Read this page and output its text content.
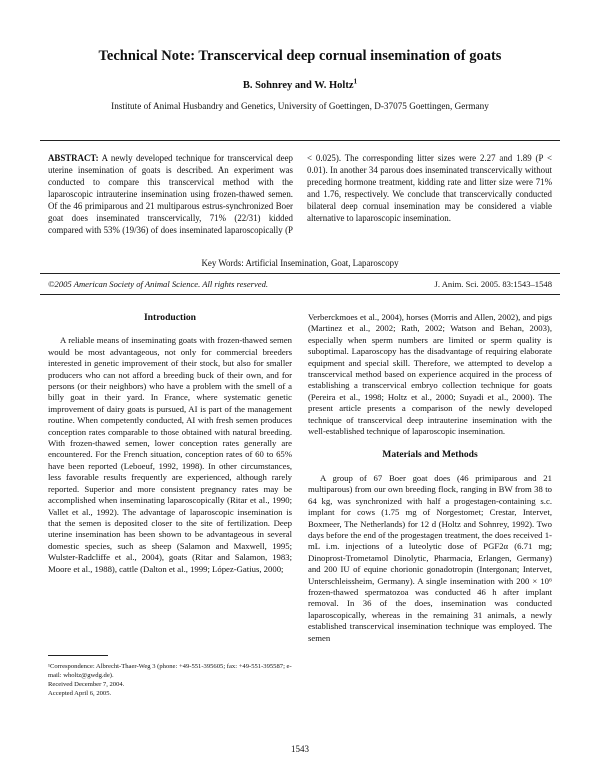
Technical Note: Transcervical deep cornual insemination of goats
B. Sohnrey and W. Holtz$^1$
Institute of Animal Husbandry and Genetics, University of Goettingen, D-37075 Goettingen, Germany
ABSTRACT: A newly developed technique for transcervical deep uterine insemination of goats is described. An experiment was conducted to compare this transcervical method with the laparoscopic intrauterine insemination using frozen-thawed semen. Of the 46 primiparous and 21 multiparous estrus-synchronized Boer goat does inseminated transcervically, 71% (22/31) kidded compared with 53% (19/36) of does inseminated laparoscopically (P < 0.025). The corresponding litter sizes were 2.27 and 1.89 (P < 0.01). In another 34 parous does inseminated transcervically without preceding hormone treatment, kidding rate and litter size were 71% and 1.76, respectively. We conclude that transcervically conducted bilateral deep cornual insemination may be considered a viable alternative to laparoscopic insemination.
Key Words: Artificial Insemination, Goat, Laparoscopy
©2005 American Society of Animal Science. All rights reserved.	J. Anim. Sci. 2005. 83:1543–1548
Introduction

A reliable means of inseminating goats with frozen-thawed semen would be most advantageous, not only for commercial breeders interested in genetic improvement of their stock, but also for smaller producers who can not afford a breeding buck of their own, and for persons (or their neighbors) who have a problem with the smell of a billy goat in their yard. In France, where systematic genetic improvement of dairy goats is pursued, AI is part of the management routine. When competently conducted, AI with fresh semen produces conception rates comparable to those obtained with natural breeding. With frozen-thawed semen, lower conception rates generally are encountered. For the French situation, conception rates of 60 to 65% have been reported (Leboeuf, 1992, 1998). In other circumstances, less favorable results frequently are experienced, although rarely reported. Superior and more consistent pregnancy rates may be accomplished when inseminating laparoscopically (Ritar et al., 1990; Vallet et al., 1992). The advantage of laparoscopic insemination is that the semen is deposited closer to the site of fertilization. Deep uterine insemination has been shown to be advantageous in several domestic species, such as sheep (Salamon and Maxwell, 1995; Wulster-Radcliffe et al., 2004), goats (Ritar and Salamon, 1983; Moore et al., 1988), cattle (Dalton et al., 1999; López-Gatius, 2000;

Verberckmoes et al., 2004), horses (Morris and Allen, 2002), and pigs (Martinez et al., 2002; Rath, 2002; Watson and Behan, 2003), especially when sperm numbers are limited or sperm quality is suboptimal. Laparoscopy has the disadvantage of requiring elaborate equipment and special skill. Therefore, we attempted to develop a transcervical method based on experience acquired in the process of establishing a transcervical embryo collection technique for goats (Pereira et al., 1998; Holtz et al., 2000; Suyadi et al., 2000). The present article presents a comparison of the newly developed technique of transcervical deep intrauterine insemination with the well-established technique of laparoscopic insemination.

Materials and Methods

A group of 67 Boer goat does (46 primiparous and 21 multiparous) from our own breeding flock, ranging in BW from 38 to 64 kg, was synchronized with half a progestagen-containing s.c. implant for cows (1.75 mg of Norgestomet; Crestar, Intervet, Boxmeer, The Netherlands) for 12 d (Holtz and Sohnrey, 1992). Two days before the end of the progestagen treatment, the does received 1-mL i.m. injections of a luteolytic dose of PGF2α (6.71 mg; Dinoprost-Trometamol Dinolytic, Pharmacia, Erlangen, Germany) and 200 IU of equine chorionic gonadotropin (Intergonan; Intervet, Unterschleissheim, Germany). A single insemination with 200 × 10⁶ frozen-thawed spermatozoa was conducted 46 h after implant removal. In 36 of the does, insemination was conducted laparoscopically, whereas in the remaining 31 animals, a newly established transcervical insemination technique was employed. The semen

¹Correspondence: Albrecht-Thaer-Weg 3 (phone: +49-551-395605; fax: +49-551-395587; e-mail: wholtz@gwdg.de).
Received December 7, 2004.
Accepted April 6, 2005.
1543
